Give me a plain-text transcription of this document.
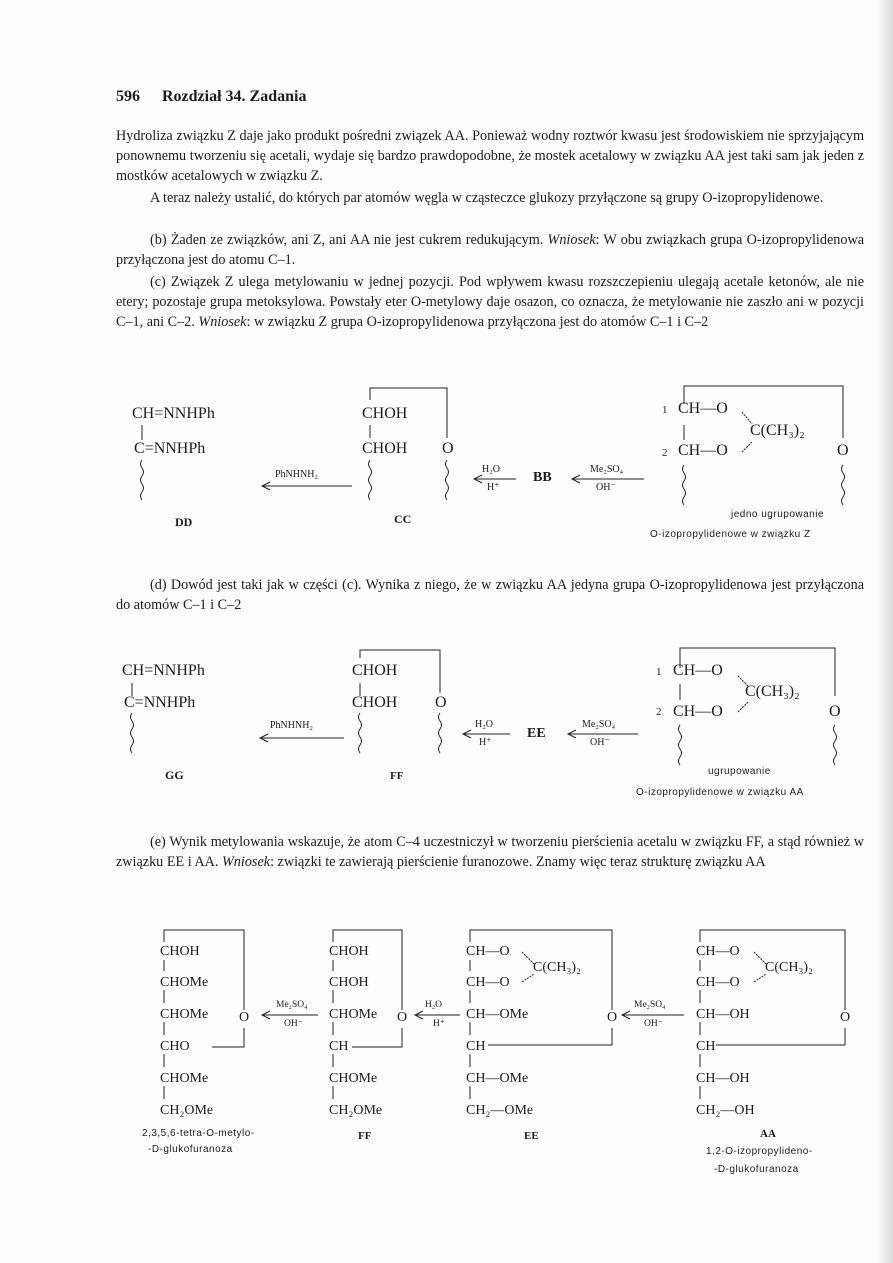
596 Rozdział 34. Zadania

Hydroliza związku Z daje jako produkt pośredni związek AA. Ponieważ wodny roztwór kwasu jest środowiskiem nie sprzyjającym ponownemu tworzeniu się acetali, wydaje się bardzo prawdopodobne, że mostek acetalowy w związku AA jest taki sam jak jeden z mostków acetalowych w związku Z.

A teraz należy ustalić, do których par atomów węgla w cząsteczce glukozy przyłączone są grupy O-izopropylidenowe.

(b) Żaden ze związków, ani Z, ani AA nie jest cukrem redukującym. Wniosek: W obu związkach grupa O-izopropylidenowa przyłączona jest do atomu C–1.

(c) Związek Z ulega metylowaniu w jednej pozycji. Pod wpływem kwasu rozszczepieniu ulegają acetale ketonów, ale nie etery; pozostaje grupa metoksylowa. Powstały eter O-metylowy daje osazon, co oznacza, że metylowanie nie zaszło ani w pozycji C–1, ani C–2. Wniosek: w związku Z grupa O-izopropylidenowa przyłączona jest do atomów C–1 i C–2

CH=NNHPh
C=NNHPh
DD
PhNHNH₂
CHOH
CHOH O
CC
H₂O
H⁺
BB
Me₂SO₄
OH⁻
1
2
CH—O
CH—O
C(CH₃)₂
O
jedno ugrupowanie
O-izopropylidenowe w związku Z

(d) Dowód jest taki jak w części (c). Wynika z niego, że w związku AA jedyna grupa O-izopropylidenowa jest przyłączona do atomów C–1 i C–2

CH=NNHPh
C=NNHPh
GG
PhNHNH₂
CHOH
CHOH O
FF
H₂O
H⁺
EE
Me₂SO₄
OH⁻
1
2
CH—O
CH—O
C(CH₃)₂
O
ugrupowanie
O-izopropylidenowe w związku AA

(e) Wynik metylowania wskazuje, że atom C–4 uczestniczył w tworzeniu pierścienia acetalu w związku FF, a stąd również w związku EE i AA. Wniosek: związki te zawierają pierścienie furanozowe. Znamy więc teraz strukturę związku AA

CHOH
CHOMe
CHOMe
CHO
CHOMe
CH₂OMe
O
2,3,5,6-tetra-O-metylo-
-D-glukofuranoza
Me₂SO₄
OH⁻
CHOH
CHOH
CHOMe
CH
CHOMe
CH₂OMe
O
FF
H₂O
H⁺
CH—O
CH—O
CH—OMe
CH
CH—OMe
CH₂—OMe
C(CH₃)₂
O
EE
Me₂SO₄
OH⁻
CH—O
CH—O
CH—OH
CH
CH—OH
CH₂—OH
C(CH₃)₂
O
AA
1,2-O-izopropylideno-
-D-glukofuranoza
